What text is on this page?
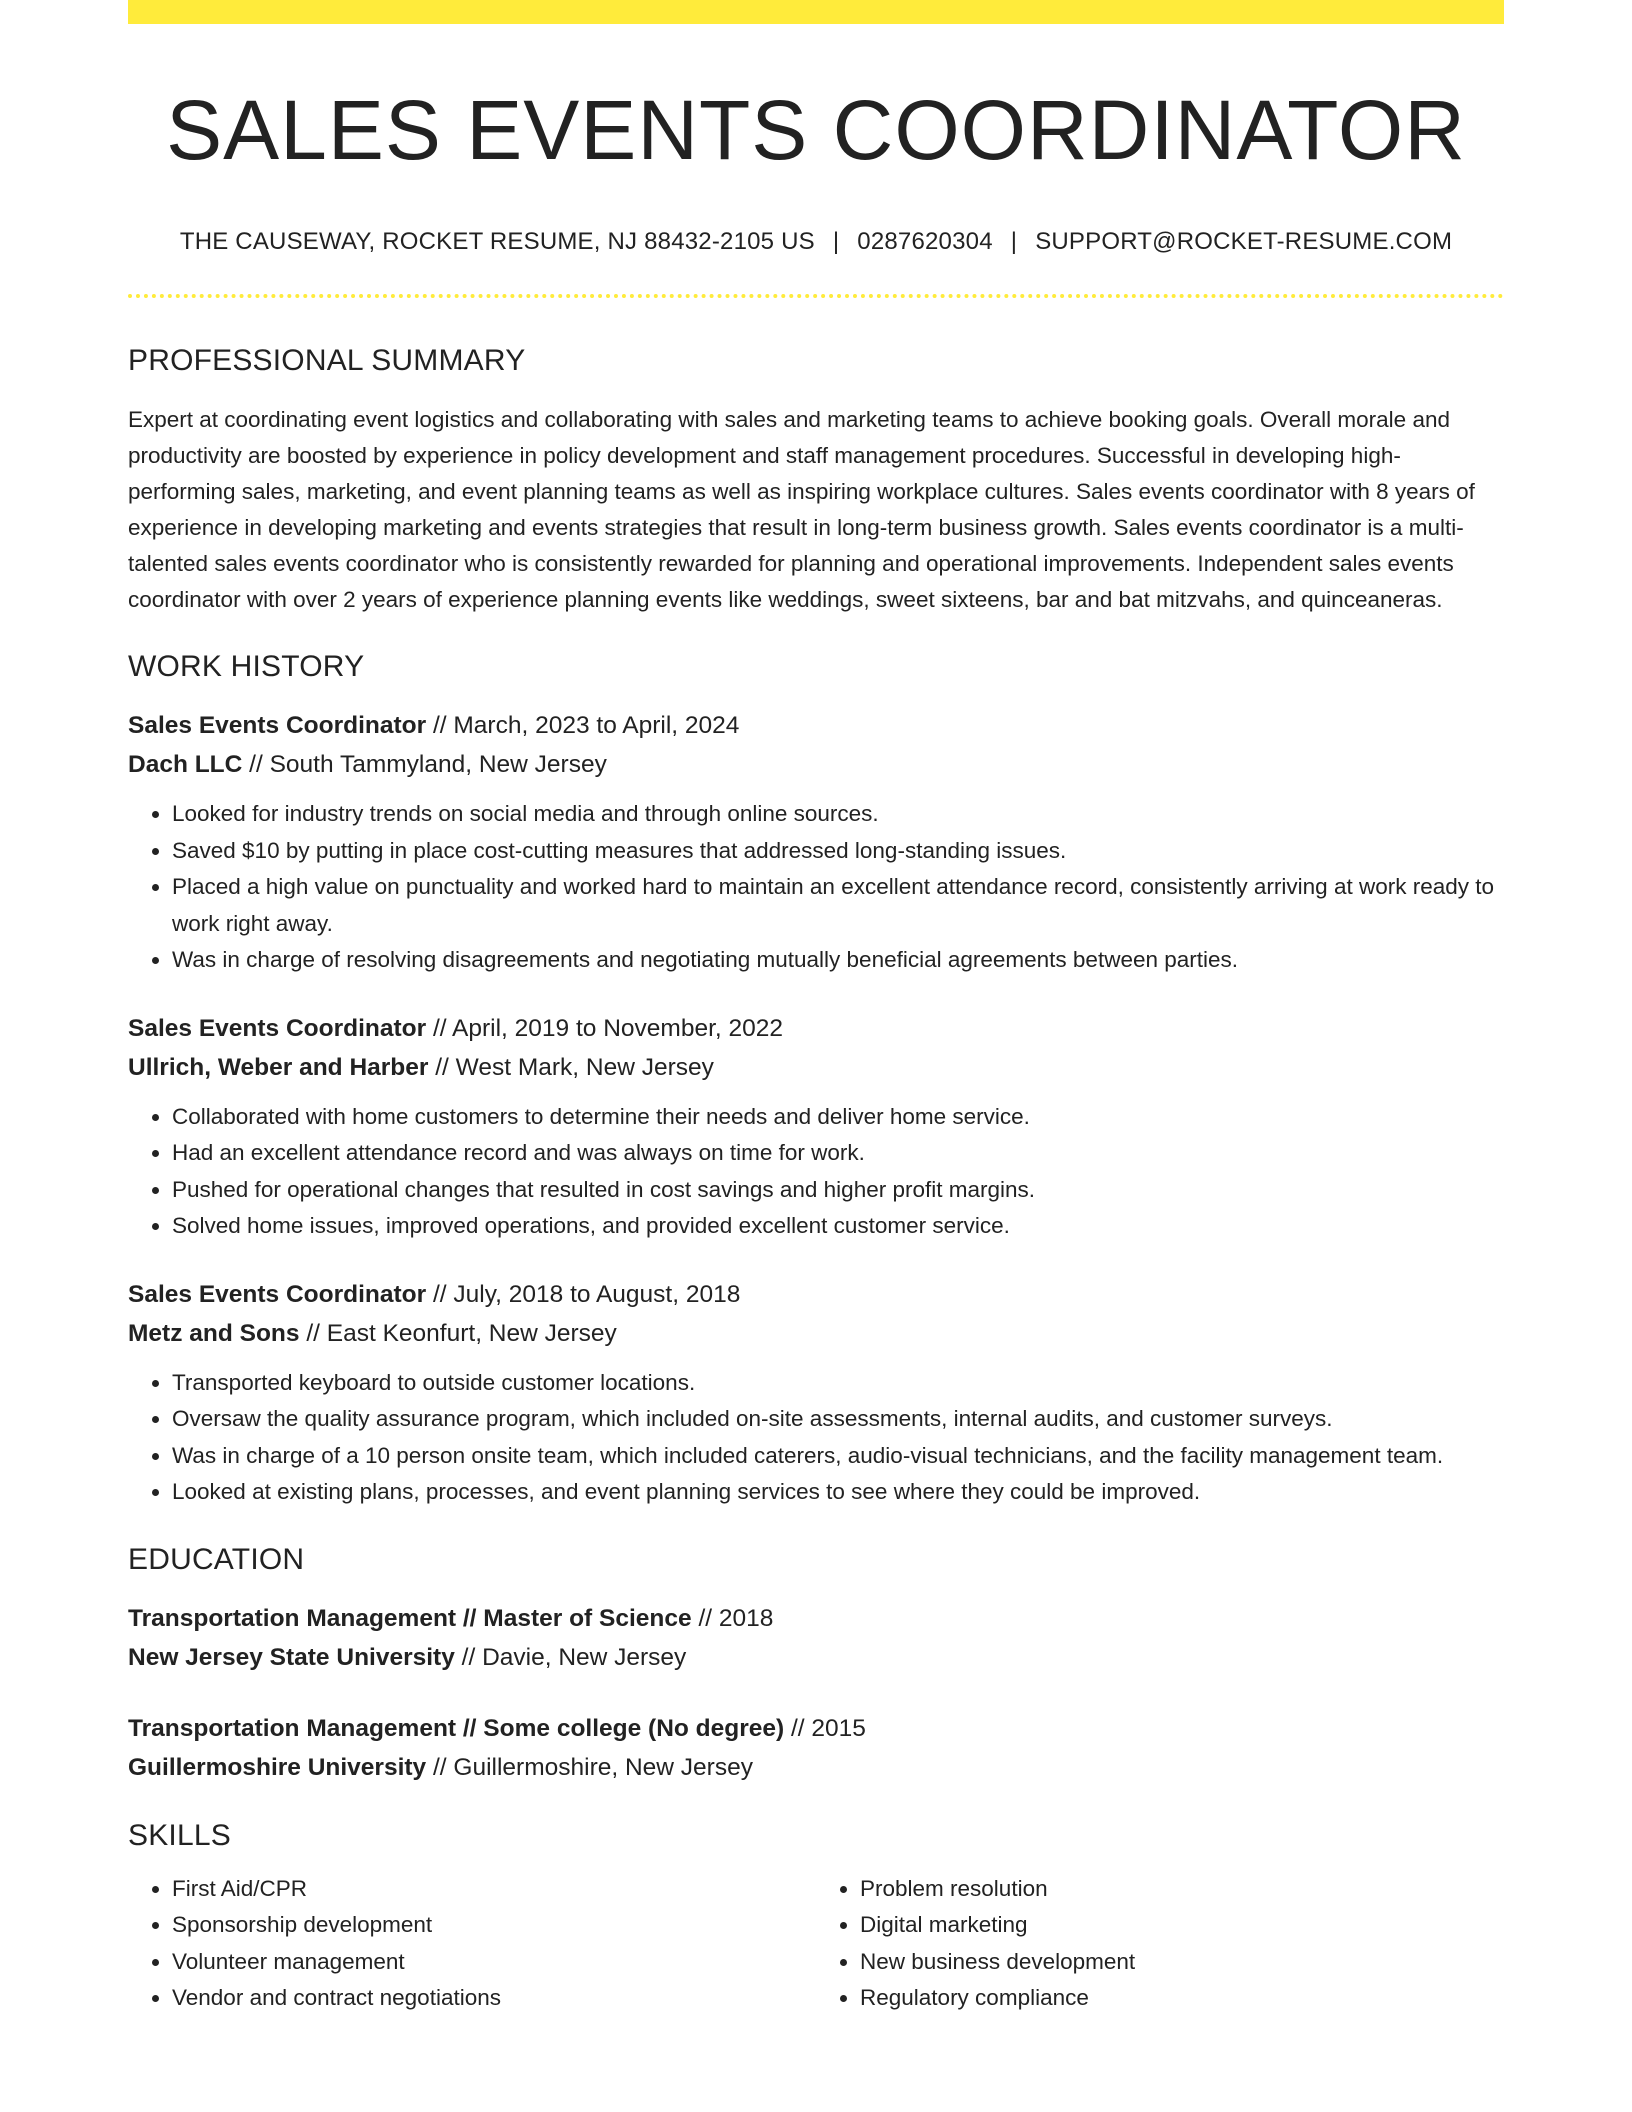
SALES EVENTS COORDINATOR
THE CAUSEWAY, ROCKET RESUME, NJ 88432-2105 US | 0287620304 | SUPPORT@ROCKET-RESUME.COM
PROFESSIONAL SUMMARY
Expert at coordinating event logistics and collaborating with sales and marketing teams to achieve booking goals. Overall morale and productivity are boosted by experience in policy development and staff management procedures. Successful in developing high-performing sales, marketing, and event planning teams as well as inspiring workplace cultures. Sales events coordinator with 8 years of experience in developing marketing and events strategies that result in long-term business growth. Sales events coordinator is a multi-talented sales events coordinator who is consistently rewarded for planning and operational improvements. Independent sales events coordinator with over 2 years of experience planning events like weddings, sweet sixteens, bar and bat mitzvahs, and quinceaneras.
WORK HISTORY
Sales Events Coordinator // March, 2023 to April, 2024
Dach LLC // South Tammyland, New Jersey
• Looked for industry trends on social media and through online sources.
• Saved $10 by putting in place cost-cutting measures that addressed long-standing issues.
• Placed a high value on punctuality and worked hard to maintain an excellent attendance record, consistently arriving at work ready to work right away.
• Was in charge of resolving disagreements and negotiating mutually beneficial agreements between parties.
Sales Events Coordinator // April, 2019 to November, 2022
Ullrich, Weber and Harber // West Mark, New Jersey
• Collaborated with home customers to determine their needs and deliver home service.
• Had an excellent attendance record and was always on time for work.
• Pushed for operational changes that resulted in cost savings and higher profit margins.
• Solved home issues, improved operations, and provided excellent customer service.
Sales Events Coordinator // July, 2018 to August, 2018
Metz and Sons // East Keonfurt, New Jersey
• Transported keyboard to outside customer locations.
• Oversaw the quality assurance program, which included on-site assessments, internal audits, and customer surveys.
• Was in charge of a 10 person onsite team, which included caterers, audio-visual technicians, and the facility management team.
• Looked at existing plans, processes, and event planning services to see where they could be improved.
EDUCATION
Transportation Management // Master of Science // 2018
New Jersey State University // Davie, New Jersey
Transportation Management // Some college (No degree) // 2015
Guillermoshire University // Guillermoshire, New Jersey
SKILLS
• First Aid/CPR
• Sponsorship development
• Volunteer management
• Vendor and contract negotiations
• Problem resolution
• Digital marketing
• New business development
• Regulatory compliance
